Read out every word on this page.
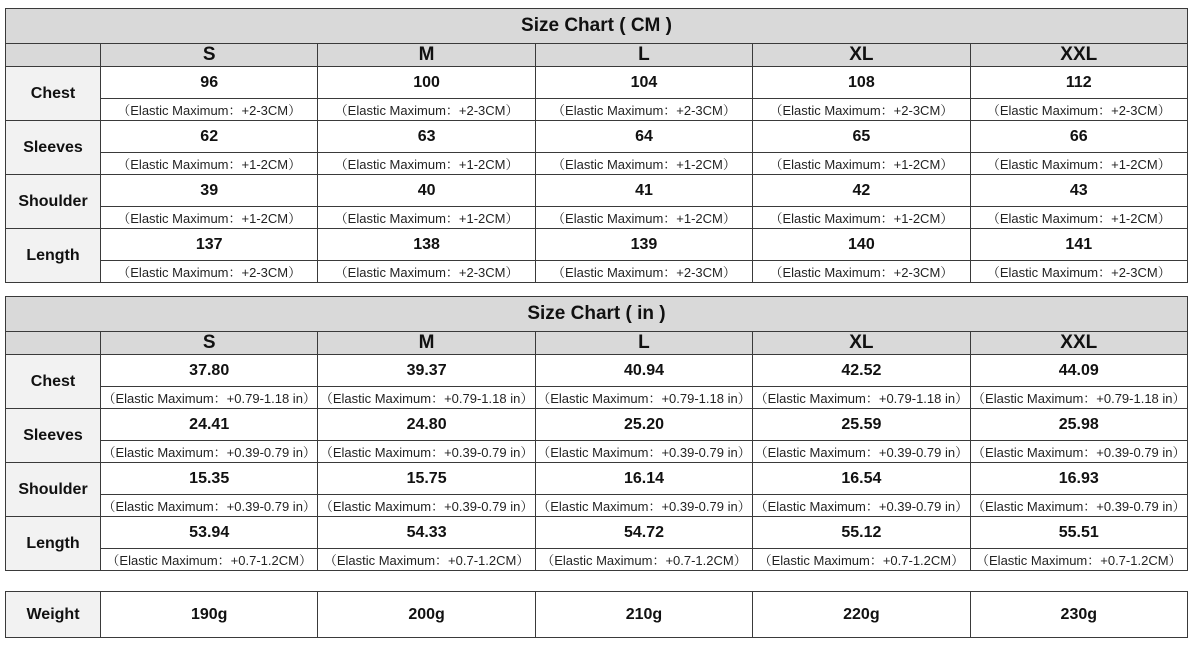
Size Chart ( CM )					
	S	M	L	XL	XXL
Chest	96	100	104	108	112
	（Elastic Maximum：+2-3CM）	（Elastic Maximum：+2-3CM）	（Elastic Maximum：+2-3CM）	（Elastic Maximum：+2-3CM）	（Elastic Maximum：+2-3CM）
Sleeves	62	63	64	65	66
	（Elastic Maximum：+1-2CM）	（Elastic Maximum：+1-2CM）	（Elastic Maximum：+1-2CM）	（Elastic Maximum：+1-2CM）	（Elastic Maximum：+1-2CM）
Shoulder	39	40	41	42	43
	（Elastic Maximum：+1-2CM）	（Elastic Maximum：+1-2CM）	（Elastic Maximum：+1-2CM）	（Elastic Maximum：+1-2CM）	（Elastic Maximum：+1-2CM）
Length	137	138	139	140	141
	（Elastic Maximum：+2-3CM）	（Elastic Maximum：+2-3CM）	（Elastic Maximum：+2-3CM）	（Elastic Maximum：+2-3CM）	（Elastic Maximum：+2-3CM）
Size Chart ( in )					
	S	M	L	XL	XXL
Chest	37.80	39.37	40.94	42.52	44.09
	（Elastic Maximum：+0.79-1.18 in）	（Elastic Maximum：+0.79-1.18 in）	（Elastic Maximum：+0.79-1.18 in）	（Elastic Maximum：+0.79-1.18 in）	（Elastic Maximum：+0.79-1.18 in）
Sleeves	24.41	24.80	25.20	25.59	25.98
	（Elastic Maximum：+0.39-0.79 in）	（Elastic Maximum：+0.39-0.79 in）	（Elastic Maximum：+0.39-0.79 in）	（Elastic Maximum：+0.39-0.79 in）	（Elastic Maximum：+0.39-0.79 in）
Shoulder	15.35	15.75	16.14	16.54	16.93
	（Elastic Maximum：+0.39-0.79 in）	（Elastic Maximum：+0.39-0.79 in）	（Elastic Maximum：+0.39-0.79 in）	（Elastic Maximum：+0.39-0.79 in）	（Elastic Maximum：+0.39-0.79 in）
Length	53.94	54.33	54.72	55.12	55.51
	（Elastic Maximum：+0.7-1.2CM）	（Elastic Maximum：+0.7-1.2CM）	（Elastic Maximum：+0.7-1.2CM）	（Elastic Maximum：+0.7-1.2CM）	（Elastic Maximum：+0.7-1.2CM）
Weight	190g	200g	210g	220g	230g
